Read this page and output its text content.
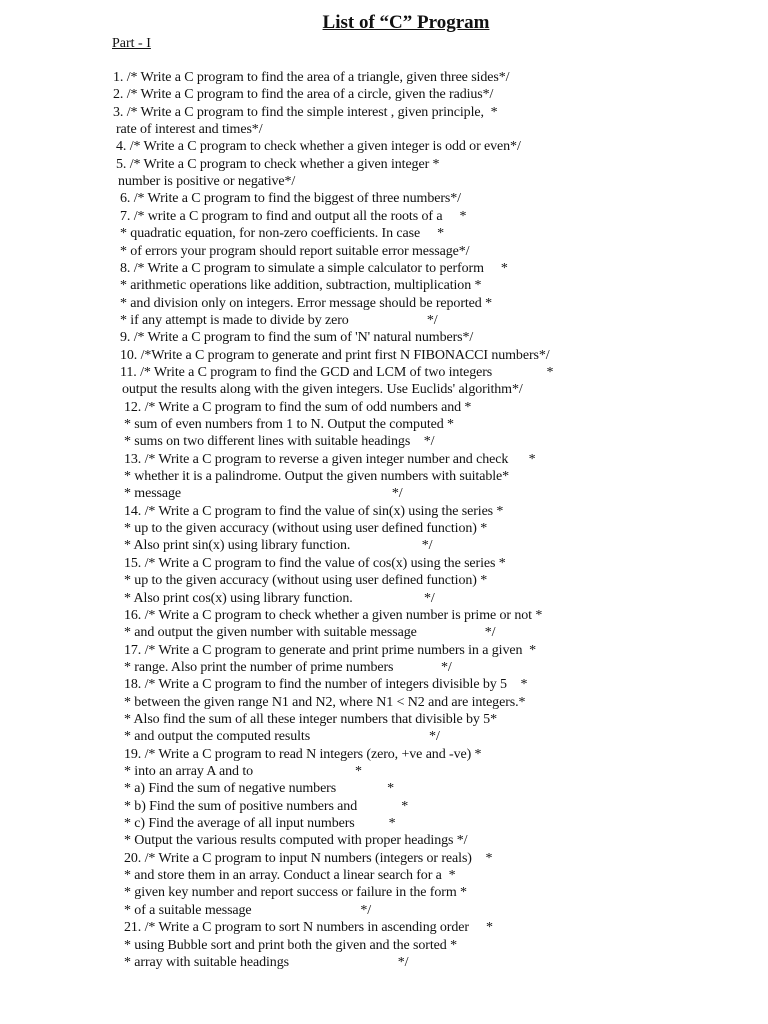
List of “C” Program
Part - I
1. /* Write a C program to find the area of a triangle, given three sides*/
2. /* Write a C program to find the area of a circle, given the radius*/
3. /* Write a C program to find the simple interest , given principle,  *
rate of interest and times*/
4. /* Write a C program to check whether a given integer is odd or even*/
5. /* Write a C program to check whether a given integer *
number is positive or negative*/
6. /* Write a C program to find the biggest of three numbers*/
7. /* write a C program to find and output all the roots of a     *
* quadratic equation, for non-zero coefficients. In case     *
* of errors your program should report suitable error message*/
8. /* Write a C program to simulate a simple calculator to perform     *
* arithmetic operations like addition, subtraction, multiplication *
* and division only on integers. Error message should be reported *
* if any attempt is made to divide by zero                       */
9. /* Write a C program to find the sum of 'N' natural numbers*/
10. /*Write a C program to generate and print first N FIBONACCI numbers*/
11. /* Write a C program to find the GCD and LCM of two integers                *
output the results along with the given integers. Use Euclids' algorithm*/
12. /* Write a C program to find the sum of odd numbers and *
* sum of even numbers from 1 to N. Output the computed *
* sums on two different lines with suitable headings    */
13. /* Write a C program to reverse a given integer number and check      *
* whether it is a palindrome. Output the given numbers with suitable*
* message                                                              */
14. /* Write a C program to find the value of sin(x) using the series *
* up to the given accuracy (without using user defined function) *
* Also print sin(x) using library function.                     */
15. /* Write a C program to find the value of cos(x) using the series *
* up to the given accuracy (without using user defined function) *
* Also print cos(x) using library function.                     */
16. /* Write a C program to check whether a given number is prime or not *
* and output the given number with suitable message                    */
17. /* Write a C program to generate and print prime numbers in a given  *
* range. Also print the number of prime numbers              */
18. /* Write a C program to find the number of integers divisible by 5    *
* between the given range N1 and N2, where N1 < N2 and are integers.*
* Also find the sum of all these integer numbers that divisible by 5*
* and output the computed results                                   */
19. /* Write a C program to read N integers (zero, +ve and -ve) *
* into an array A and to                              *
* a) Find the sum of negative numbers               *
* b) Find the sum of positive numbers and             *
* c) Find the average of all input numbers          *
* Output the various results computed with proper headings */
20. /* Write a C program to input N numbers (integers or reals)    *
* and store them in an array. Conduct a linear search for a  *
* given key number and report success or failure in the form *
* of a suitable message                                */
21. /* Write a C program to sort N numbers in ascending order     *
* using Bubble sort and print both the given and the sorted *
* array with suitable headings                                */
